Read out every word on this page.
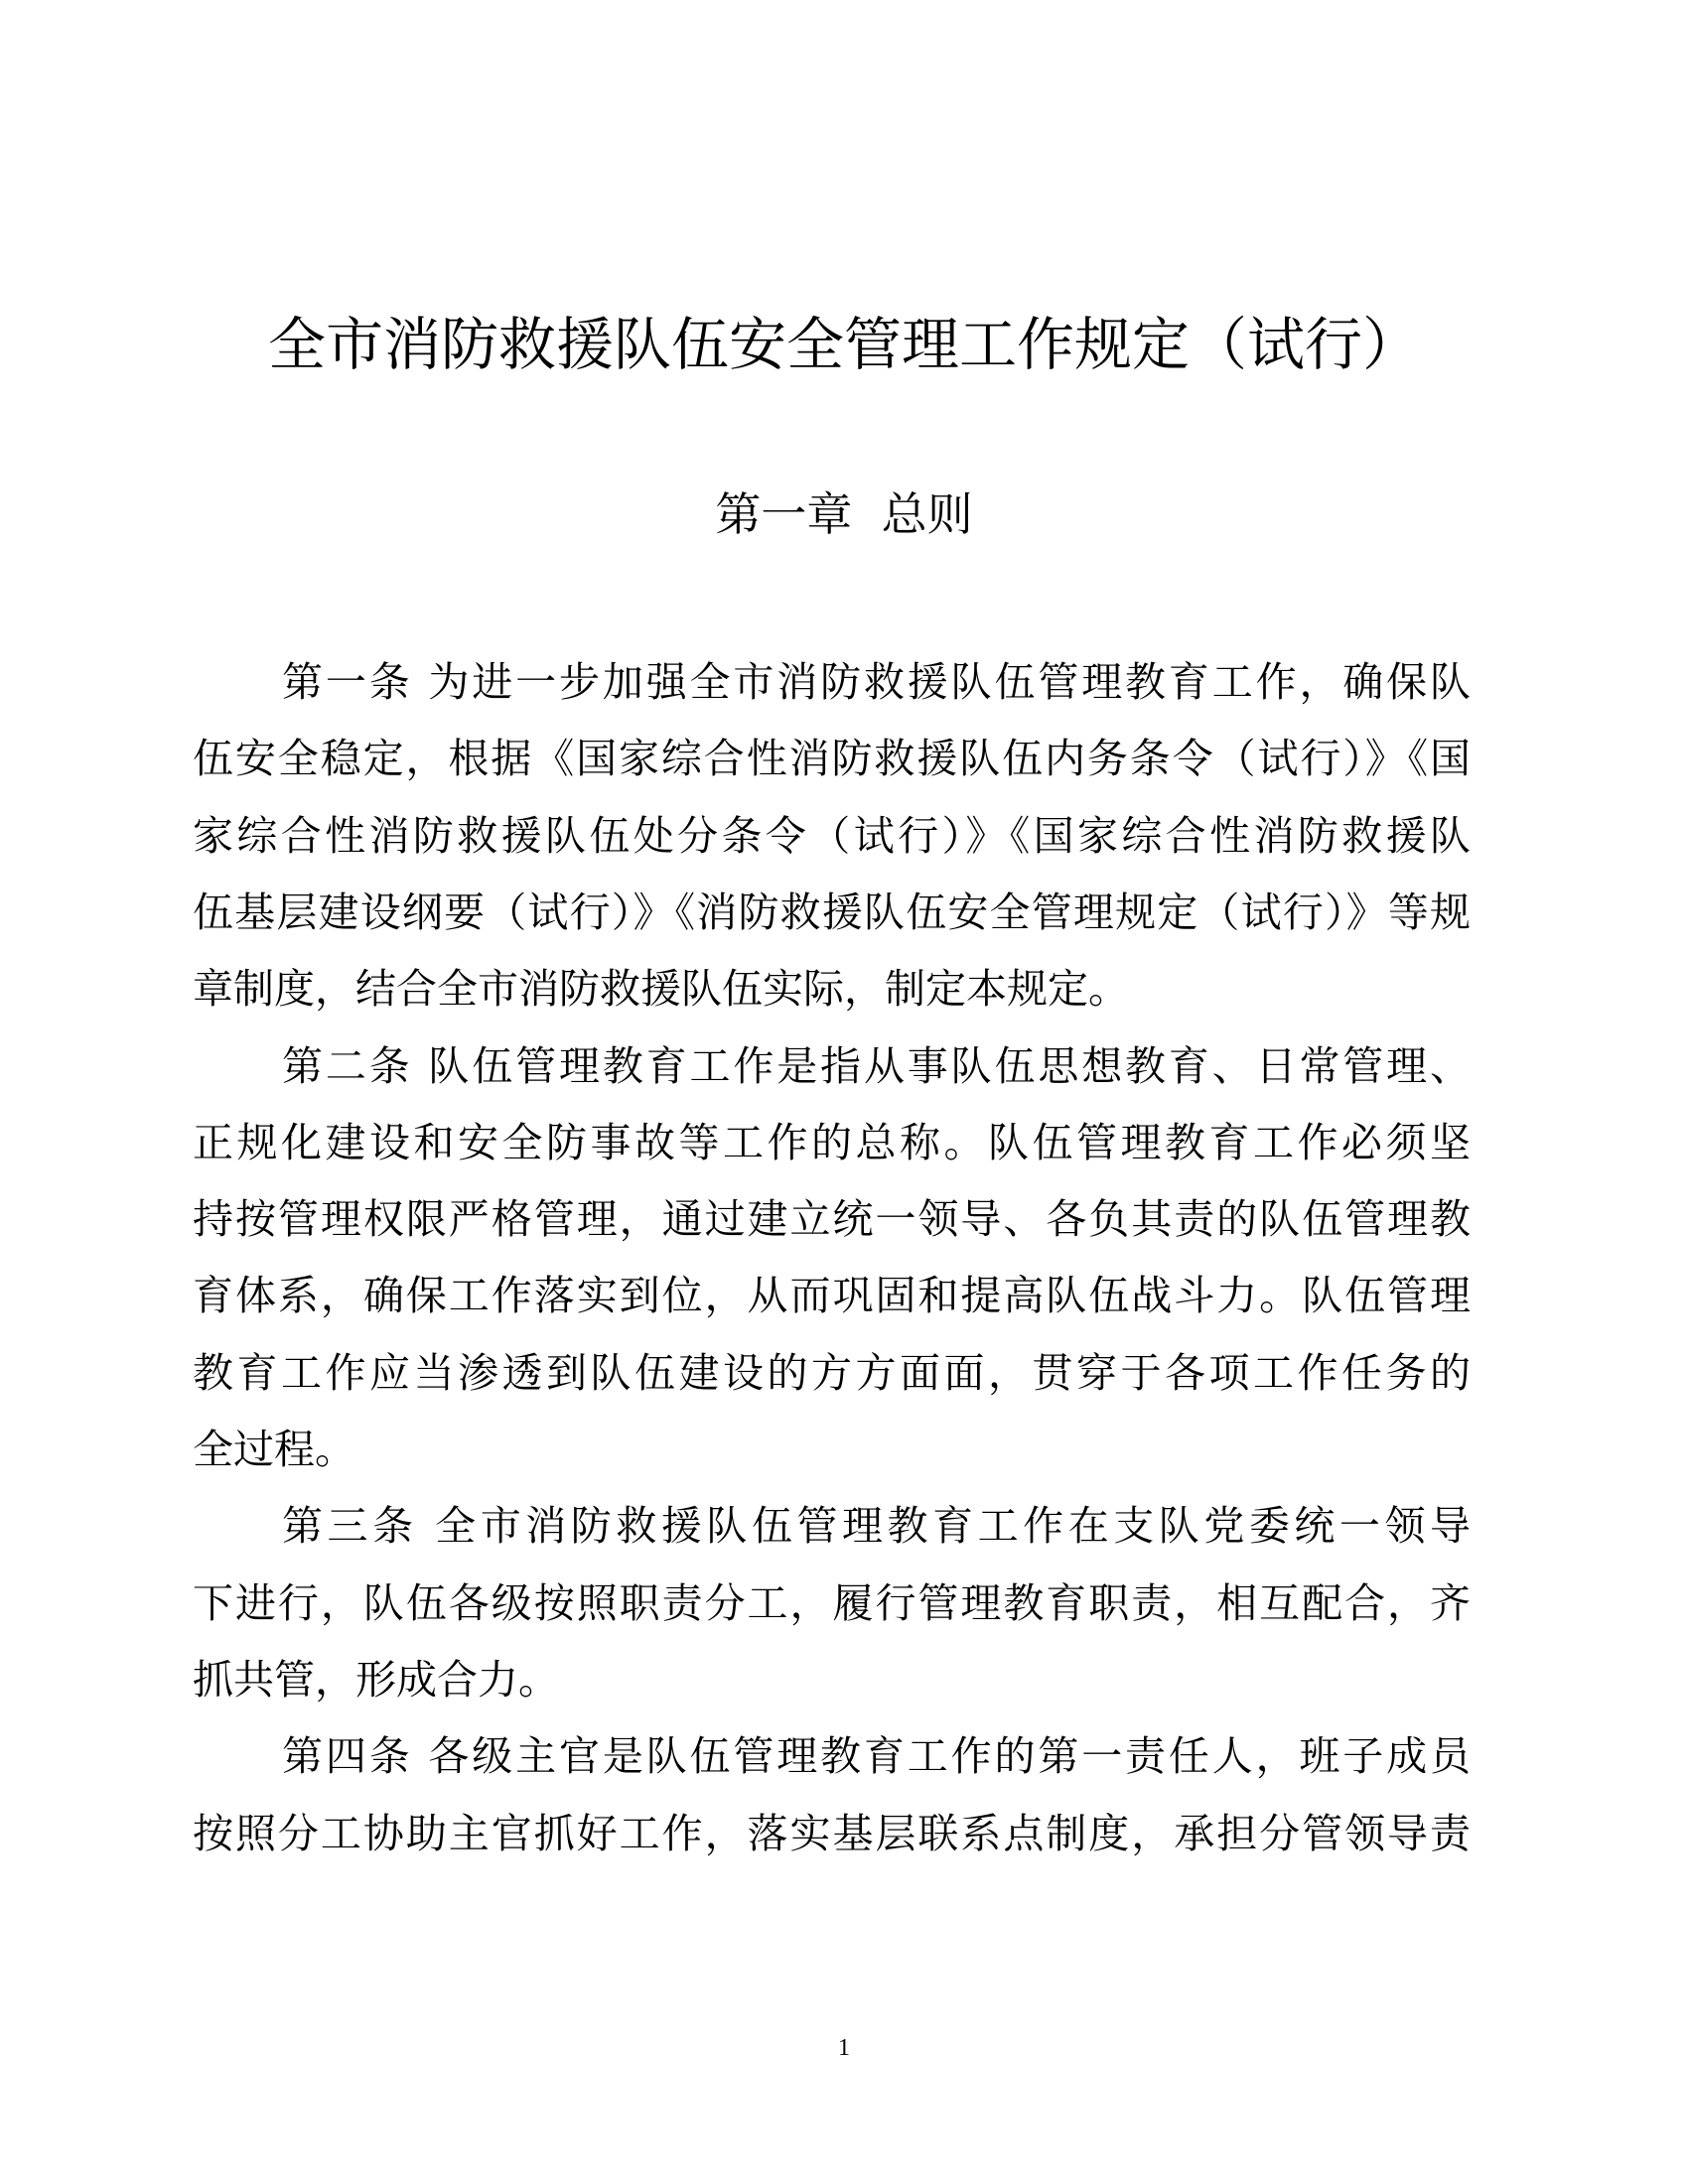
全市消防救援队伍安全管理工作规定（试行）
第一章  总则
第一条 为进一步加强全市消防救援队伍管理教育工作，确保队
伍安全稳定，根据《国家综合性消防救援队伍内务条令（试行）》《国
家综合性消防救援队伍处分条令（试行）》《国家综合性消防救援队
伍基层建设纲要（试行）》《消防救援队伍安全管理规定（试行）》等规
章制度，结合全市消防救援队伍实际，制定本规定。
第二条 队伍管理教育工作是指从事队伍思想教育、日常管理、
正规化建设和安全防事故等工作的总称。队伍管理教育工作必须坚
持按管理权限严格管理，通过建立统一领导、各负其责的队伍管理教
育体系，确保工作落实到位，从而巩固和提高队伍战斗力。队伍管理
教育工作应当渗透到队伍建设的方方面面，贯穿于各项工作任务的
全过程。
第三条 全市消防救援队伍管理教育工作在支队党委统一领导
下进行，队伍各级按照职责分工，履行管理教育职责，相互配合，齐
抓共管，形成合力。
第四条 各级主官是队伍管理教育工作的第一责任人，班子成员
按照分工协助主官抓好工作，落实基层联系点制度，承担分管领导责
1
